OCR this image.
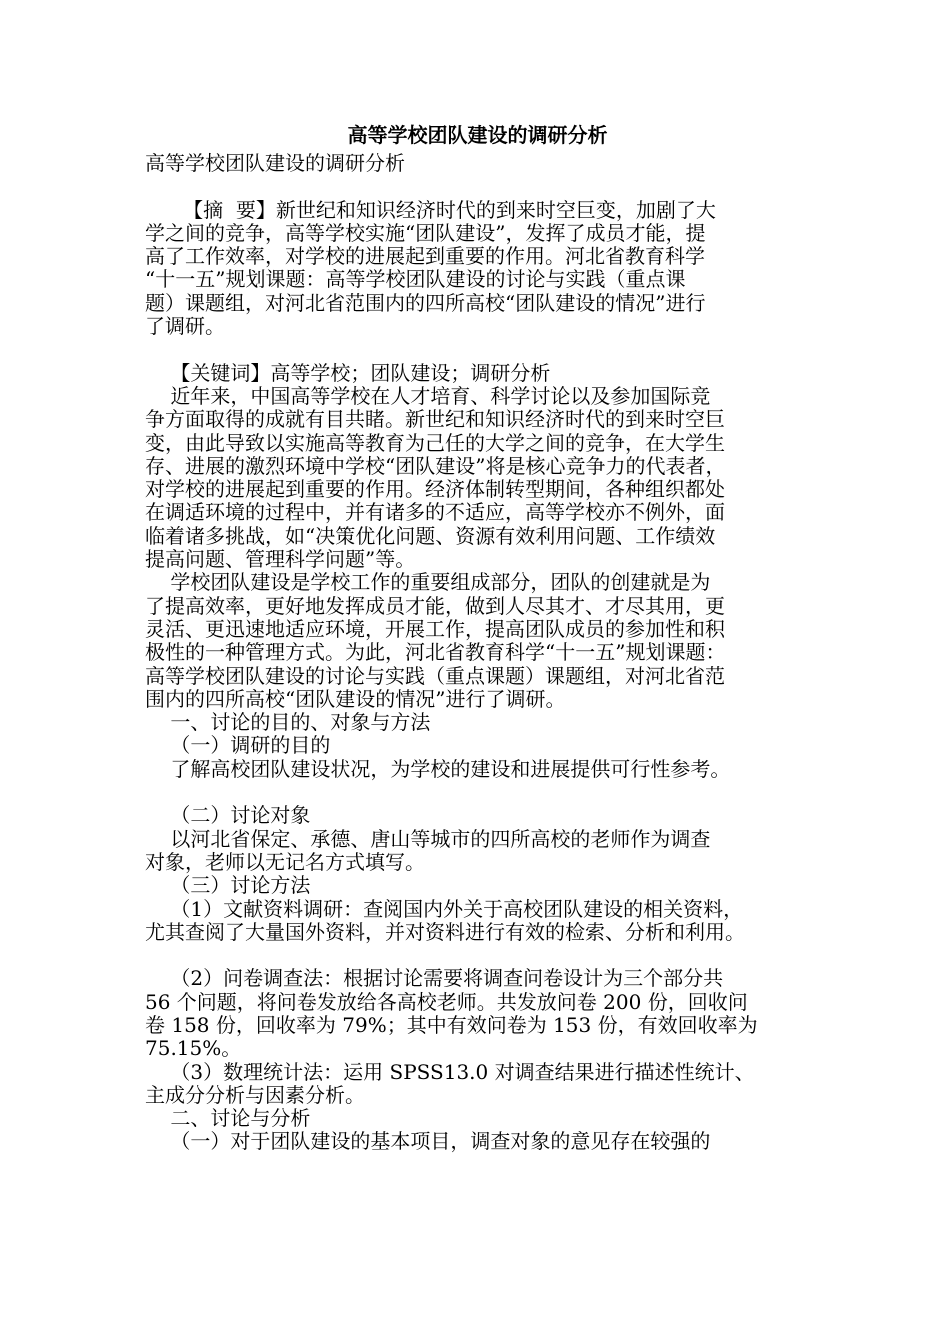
高等学校团队建设的调研分析
高等学校团队建设的调研分析
【摘  要】新世纪和知识经济时代的到来时空巨变，加剧了大
学之间的竞争，高等学校实施“团队建设”，发挥了成员才能，提
高了工作效率，对学校的进展起到重要的作用。河北省教育科学
“十一五”规划课题：高等学校团队建设的讨论与实践（重点课
题）课题组，对河北省范围内的四所高校“团队建设的情况”进行
了调研。
【关键词】高等学校；团队建设；调研分析
近年来，中国高等学校在人才培育、科学讨论以及参加国际竞
争方面取得的成就有目共睹。新世纪和知识经济时代的到来时空巨
变，由此导致以实施高等教育为己任的大学之间的竞争，在大学生
存、进展的激烈环境中学校“团队建设”将是核心竞争力的代表者，
对学校的进展起到重要的作用。经济体制转型期间，各种组织都处
在调适环境的过程中，并有诸多的不适应，高等学校亦不例外，面
临着诸多挑战，如“决策优化问题、资源有效利用问题、工作绩效
提高问题、管理科学问题”等。
学校团队建设是学校工作的重要组成部分，团队的创建就是为
了提高效率，更好地发挥成员才能，做到人尽其才、才尽其用，更
灵活、更迅速地适应环境，开展工作，提高团队成员的参加性和积
极性的一种管理方式。为此，河北省教育科学“十一五”规划课题：
高等学校团队建设的讨论与实践（重点课题）课题组，对河北省范
围内的四所高校“团队建设的情况”进行了调研。
一、讨论的目的、对象与方法
（一）调研的目的
了解高校团队建设状况，为学校的建设和进展提供可行性参考。
（二）讨论对象
以河北省保定、承德、唐山等城市的四所高校的老师作为调查
对象，老师以无记名方式填写。
（三）讨论方法
（1）文献资料调研：查阅国内外关于高校团队建设的相关资料，
尤其查阅了大量国外资料，并对资料进行有效的检索、分析和利用。
（2）问卷调查法：根据讨论需要将调查问卷设计为三个部分共
56 个问题，将问卷发放给各高校老师。共发放问卷 200 份，回收问
卷 158 份，回收率为 79%；其中有效问卷为 153 份，有效回收率为
75.15%。
（3）数理统计法：运用 SPSS13.0 对调查结果进行描述性统计、
主成分分析与因素分析。
二、讨论与分析
（一）对于团队建设的基本项目，调查对象的意见存在较强的
